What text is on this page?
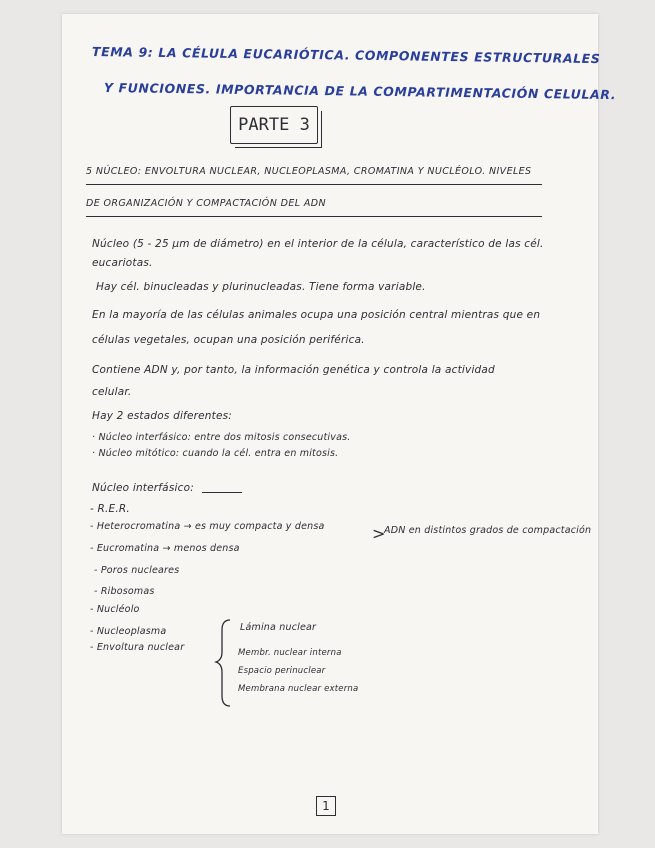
TEMA 9: LA CÉLULA EUCARIÓTICA. COMPONENTES ESTRUCTURALES
Y FUNCIONES. IMPORTANCIA DE LA COMPARTIMENTACIÓN CELULAR.
PARTE 3
5 NÚCLEO: ENVOLTURA NUCLEAR, NUCLEOPLASMA, CROMATINA Y NUCLÉOLO. NIVELES
DE ORGANIZACIÓN Y COMPACTACIÓN DEL ADN
Núcleo (5 - 25 µm de diámetro) en el interior de la célula, característico de las cél.
eucariotas.
Hay cél. binucleadas y plurinucleadas. Tiene forma variable.
En la mayoría de las células animales ocupa una posición central mientras que en
células vegetales, ocupan una posición periférica.
Contiene ADN y, por tanto, la información genética y controla la actividad
celular.
Hay 2 estados diferentes:
· Núcleo interfásico: entre dos mitosis consecutivas.
· Núcleo mitótico: cuando la cél. entra en mitosis.
Núcleo interfásico:
- R.E.R.
- Heterocromatina → es muy compacta y densa
- Eucromatina → menos densa
>
ADN en distintos grados de compactación
- Poros nucleares
- Ribosomas
- Nucléolo
- Nucleoplasma
- Envoltura nuclear
Lámina nuclear
Membr. nuclear interna
Espacio perinuclear
Membrana nuclear externa
1
